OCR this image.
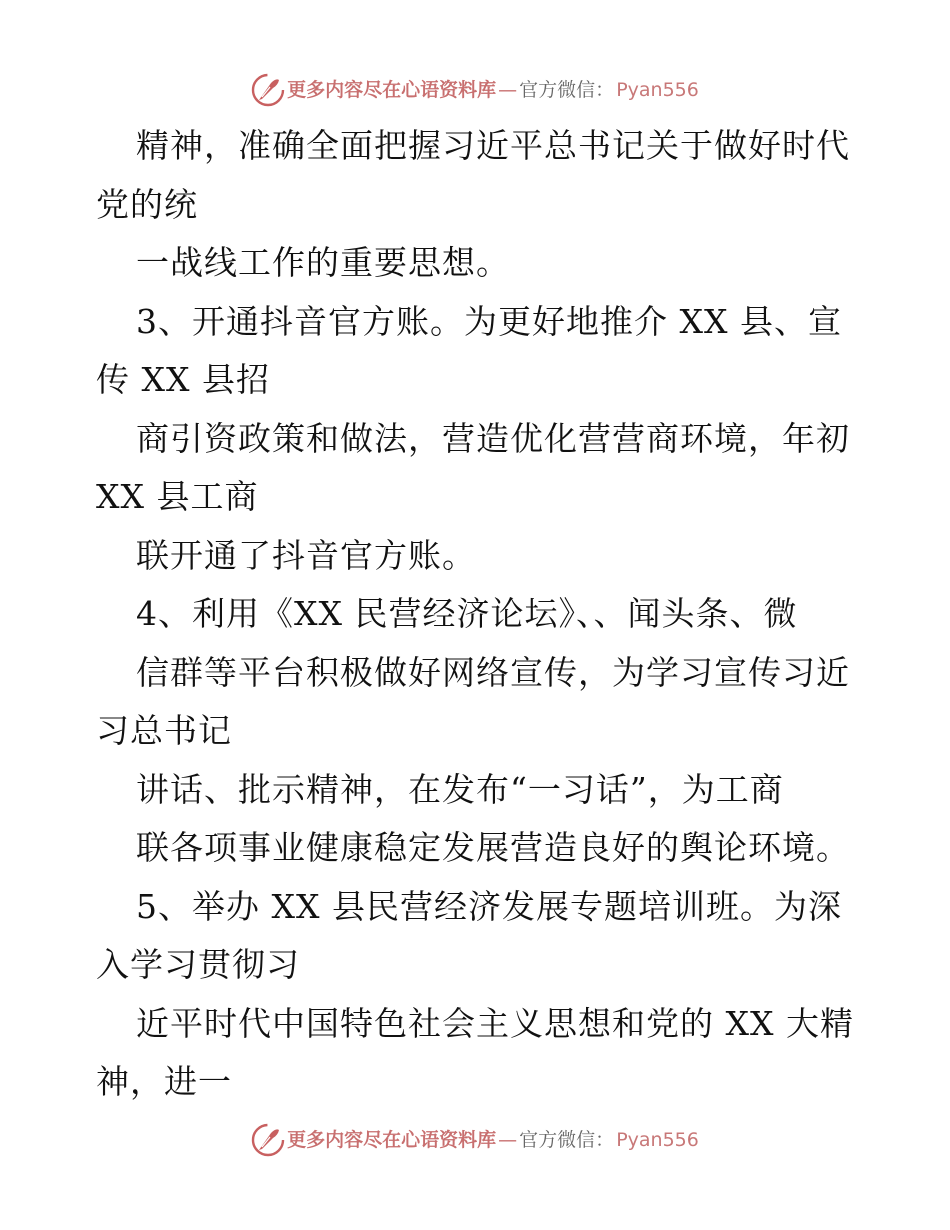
更多内容尽在心语资料库 — 官方微信： Pyan556
精神，准确全面把握习近平总书记关于做好时代
党的统
一战线工作的重要思想。
3、开通抖音官方账。为更好地推介 XX 县、宣
传 XX 县招
商引资政策和做法，营造优化营营商环境，年初
XX 县工商
联开通了抖音官方账。
4、利用《XX 民营经济论坛》、、闻头条、微
信群等平台积极做好网络宣传，为学习宣传习近
习总书记
讲话、批示精神，在发布“一习话”，为工商
联各项事业健康稳定发展营造良好的舆论环境。
5、举办 XX 县民营经济发展专题培训班。为深
入学习贯彻习
近平时代中国特色社会主义思想和党的 XX 大精
神，进一
更多内容尽在心语资料库 — 官方微信： Pyan556
